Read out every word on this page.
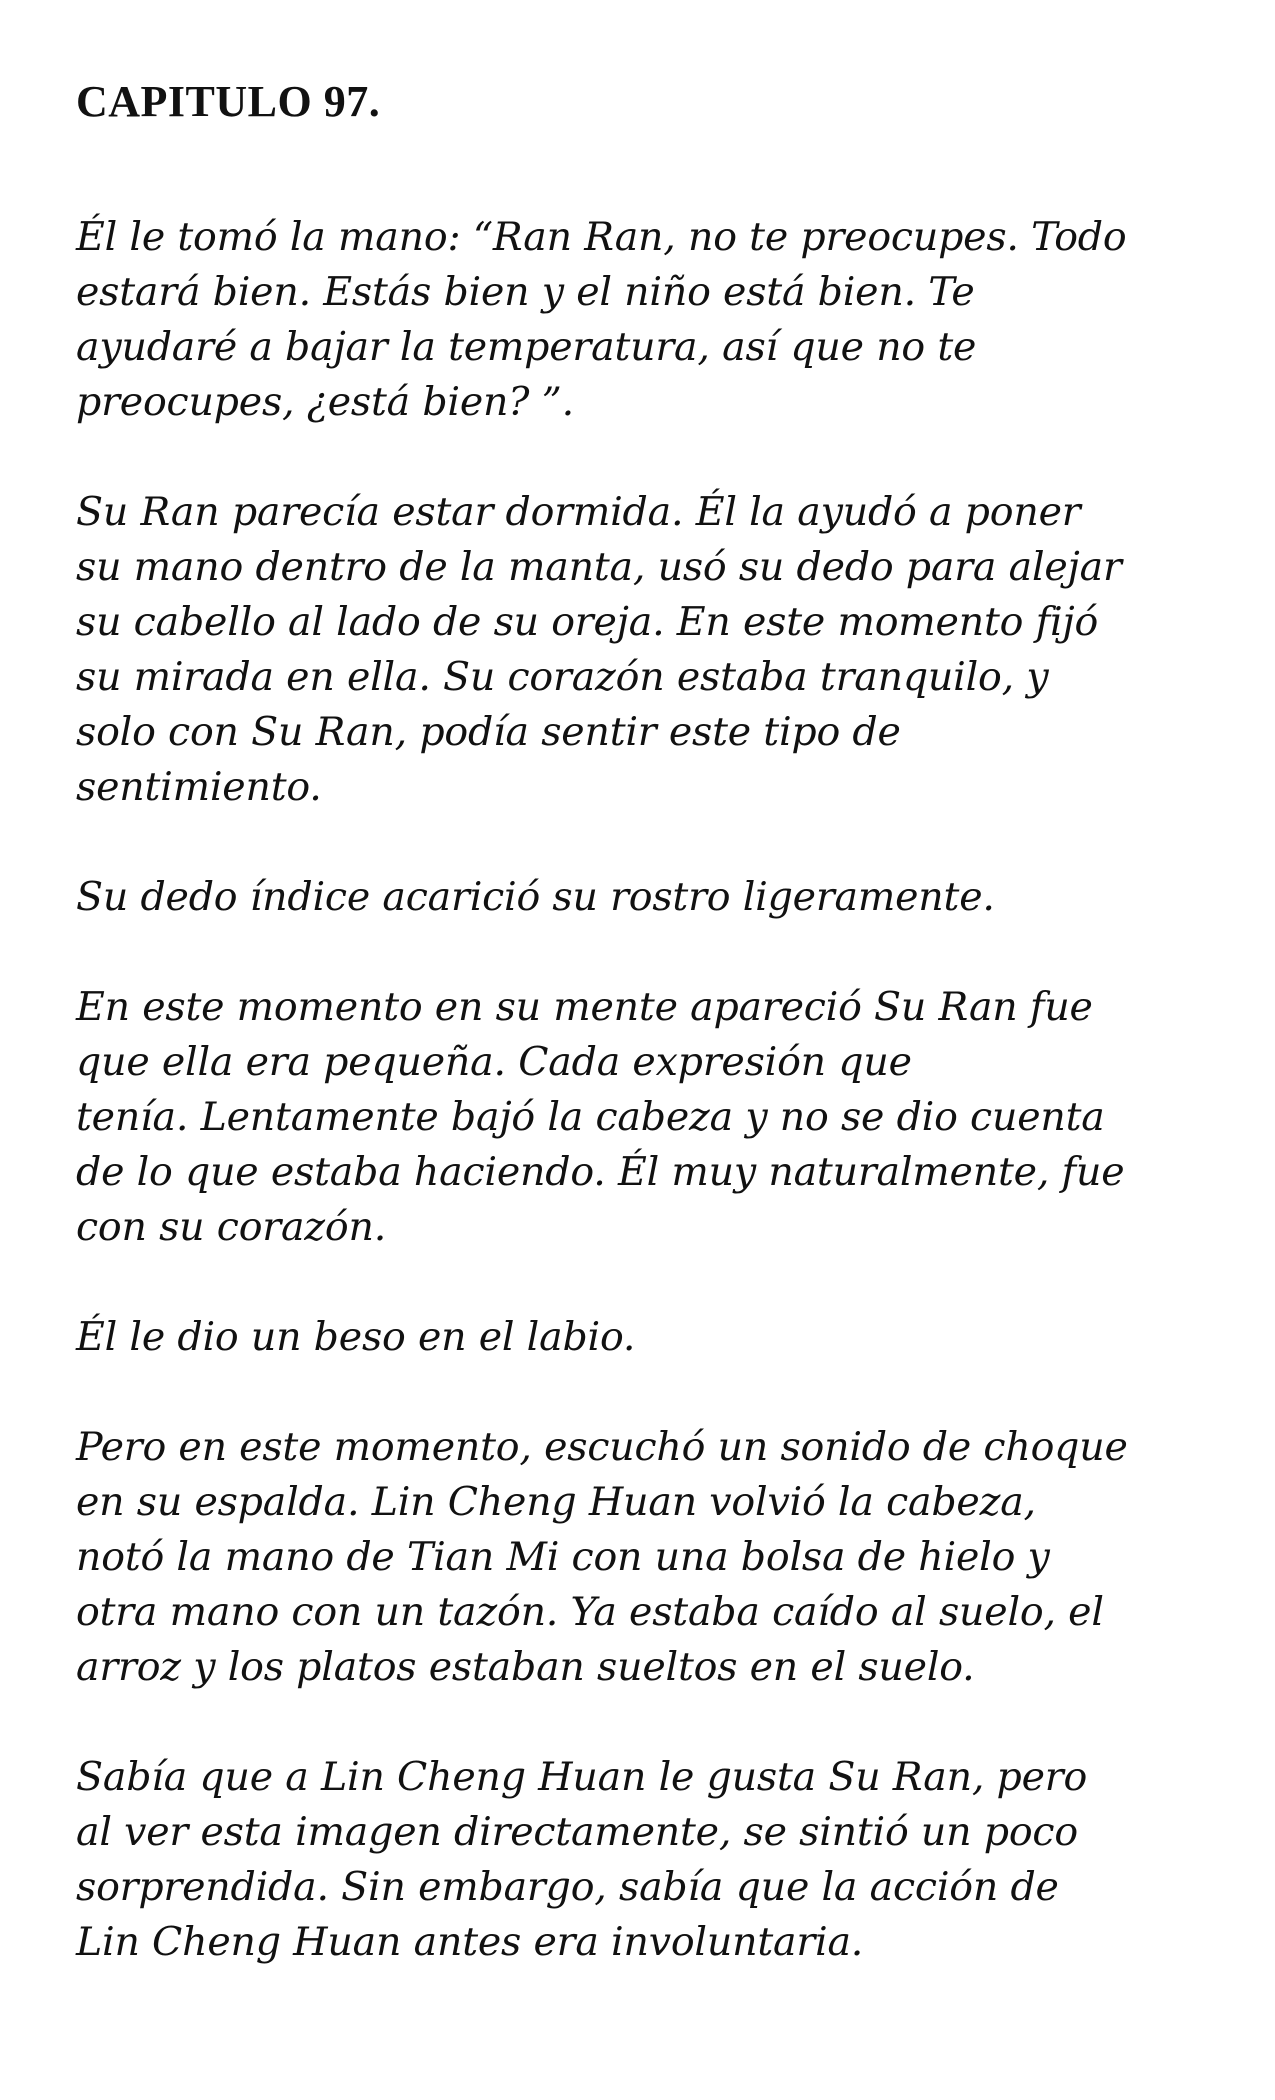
CAPITULO 97.

Él le tomó la mano: “Ran Ran, no te preocupes. Todo
estará bien. Estás bien y el niño está bien. Te
ayudaré a bajar la temperatura, así que no te
preocupes, ¿está bien? ”.

Su Ran parecía estar dormida. Él la ayudó a poner
su mano dentro de la manta, usó su dedo para alejar
su cabello al lado de su oreja. En este momento fijó
su mirada en ella. Su corazón estaba tranquilo, y
solo con Su Ran, podía sentir este tipo de
sentimiento.

Su dedo índice acarició su rostro ligeramente.

En este momento en su mente apareció Su Ran fue
que ella era pequeña. Cada expresión que
tenía. Lentamente bajó la cabeza y no se dio cuenta
de lo que estaba haciendo. Él muy naturalmente, fue
con su corazón.

Él le dio un beso en el labio.

Pero en este momento, escuchó un sonido de choque
en su espalda. Lin Cheng Huan volvió la cabeza,
notó la mano de Tian Mi con una bolsa de hielo y
otra mano con un tazón. Ya estaba caído al suelo, el
arroz y los platos estaban sueltos en el suelo.

Sabía que a Lin Cheng Huan le gusta Su Ran, pero
al ver esta imagen directamente, se sintió un poco
sorprendida. Sin embargo, sabía que la acción de
Lin Cheng Huan antes era involuntaria.
